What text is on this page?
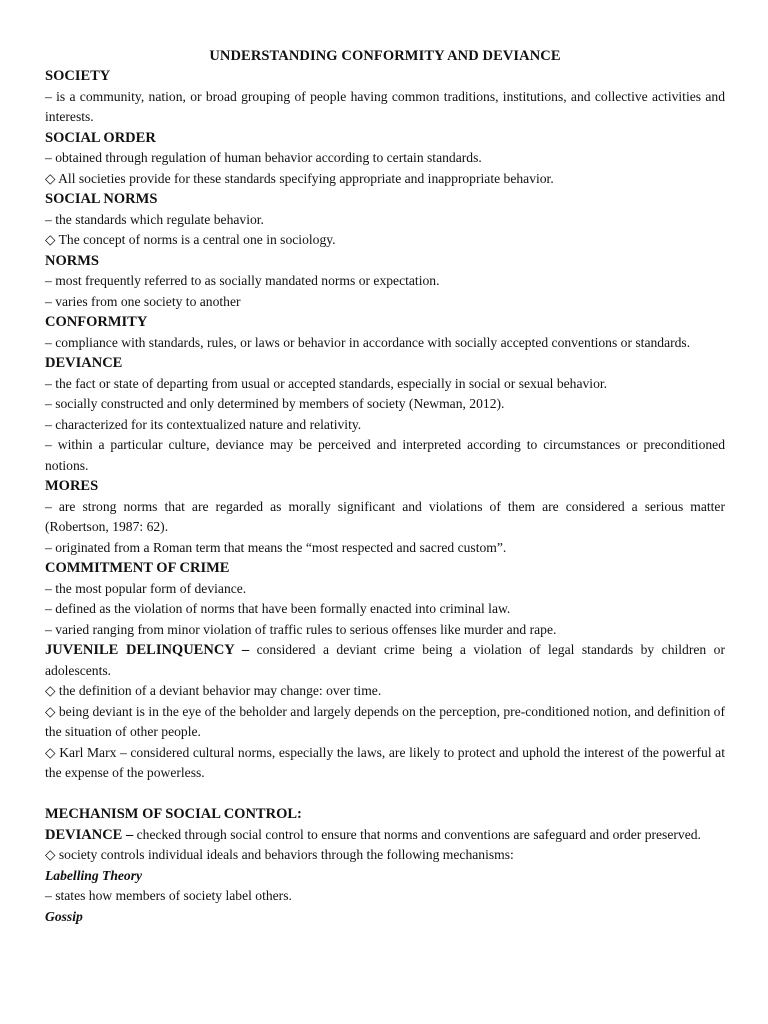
UNDERSTANDING CONFORMITY AND DEVIANCE
SOCIETY
– is a community, nation, or broad grouping of people having common traditions, institutions, and collective activities and interests.
SOCIAL ORDER
– obtained through regulation of human behavior according to certain standards.
◇ All societies provide for these standards specifying appropriate and inappropriate behavior.
SOCIAL NORMS
– the standards which regulate behavior.
◇ The concept of norms is a central one in sociology.
NORMS
– most frequently referred to as socially mandated norms or expectation.
– varies from one society to another
CONFORMITY
– compliance with standards, rules, or laws or behavior in accordance with socially accepted conventions or standards.
DEVIANCE
– the fact or state of departing from usual or accepted standards, especially in social or sexual behavior.
– socially constructed and only determined by members of society (Newman, 2012).
– characterized for its contextualized nature and relativity.
– within a particular culture, deviance may be perceived and interpreted according to circumstances or preconditioned notions.
MORES
– are strong norms that are regarded as morally significant and violations of them are considered a serious matter (Robertson, 1987: 62).
– originated from a Roman term that means the “most respected and sacred custom”.
COMMITMENT OF CRIME
– the most popular form of deviance.
– defined as the violation of norms that have been formally enacted into criminal law.
– varied ranging from minor violation of traffic rules to serious offenses like murder and rape.
JUVENILE DELINQUENCY – considered a deviant crime being a violation of legal standards by children or adolescents.
◇ the definition of a deviant behavior may change: over time.
◇ being deviant is in the eye of the beholder and largely depends on the perception, pre-conditioned notion, and definition of the situation of other people.
◇ Karl Marx – considered cultural norms, especially the laws, are likely to protect and uphold the interest of the powerful at the expense of the powerless.
MECHANISM OF SOCIAL CONTROL:
DEVIANCE – checked through social control to ensure that norms and conventions are safeguard and order preserved.
◇ society controls individual ideals and behaviors through the following mechanisms:
Labelling Theory
– states how members of society label others.
Gossip
